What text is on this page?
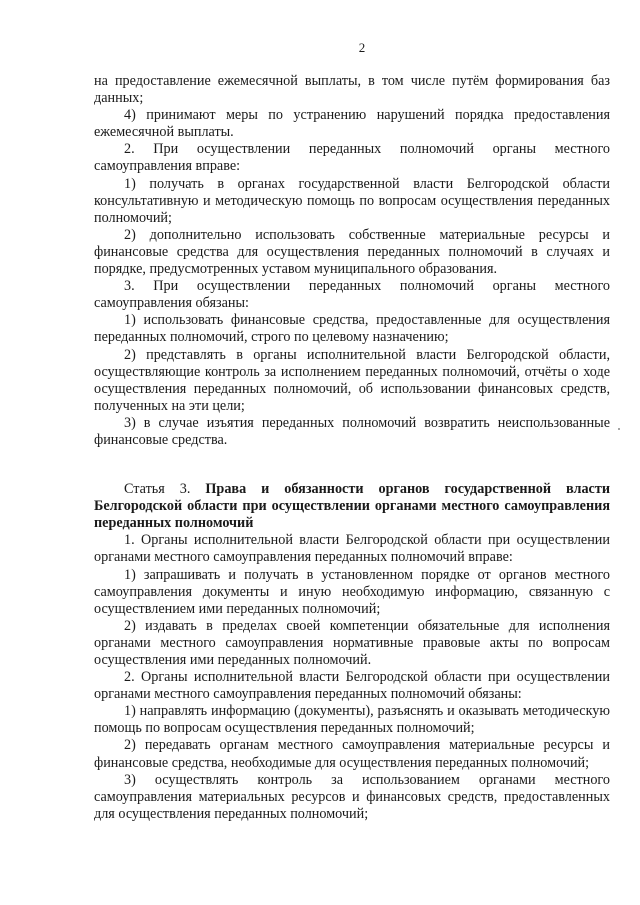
2

на предоставление ежемесячной выплаты, в том числе путём формирования баз данных;

4) принимают меры по устранению нарушений порядка предоставления ежемесячной выплаты.

2. При осуществлении переданных полномочий органы местного самоуправления вправе:

1) получать в органах государственной власти Белгородской области консультативную и методическую помощь по вопросам осуществления переданных полномочий;

2) дополнительно использовать собственные материальные ресурсы и финансовые средства для осуществления переданных полномочий в случаях и порядке, предусмотренных уставом муниципального образования.

3. При осуществлении переданных полномочий органы местного самоуправления обязаны:

1) использовать финансовые средства, предоставленные для осуществления переданных полномочий, строго по целевому назначению;

2) представлять в органы исполнительной власти Белгородской области, осуществляющие контроль за исполнением переданных полномочий, отчёты о ходе осуществления переданных полномочий, об использовании финансовых средств, полученных на эти цели;

3) в случае изъятия переданных полномочий возвратить неиспользованные финансовые средства.

Статья 3. Права и обязанности органов государственной власти Белгородской области при осуществлении органами местного самоуправления переданных полномочий

1. Органы исполнительной власти Белгородской области при осуществлении органами местного самоуправления переданных полномочий вправе:

1) запрашивать и получать в установленном порядке от органов местного самоуправления документы и иную необходимую информацию, связанную с осуществлением ими переданных полномочий;

2) издавать в пределах своей компетенции обязательные для исполнения органами местного самоуправления нормативные правовые акты по вопросам осуществления ими переданных полномочий.

2. Органы исполнительной власти Белгородской области при осуществлении органами местного самоуправления переданных полномочий обязаны:

1) направлять информацию (документы), разъяснять и оказывать методическую помощь по вопросам осуществления переданных полномочий;

2) передавать органам местного самоуправления материальные ресурсы и финансовые средства, необходимые для осуществления переданных полномочий;

3) осуществлять контроль за использованием органами местного самоуправления материальных ресурсов и финансовых средств, предоставленных для осуществления переданных полномочий;
